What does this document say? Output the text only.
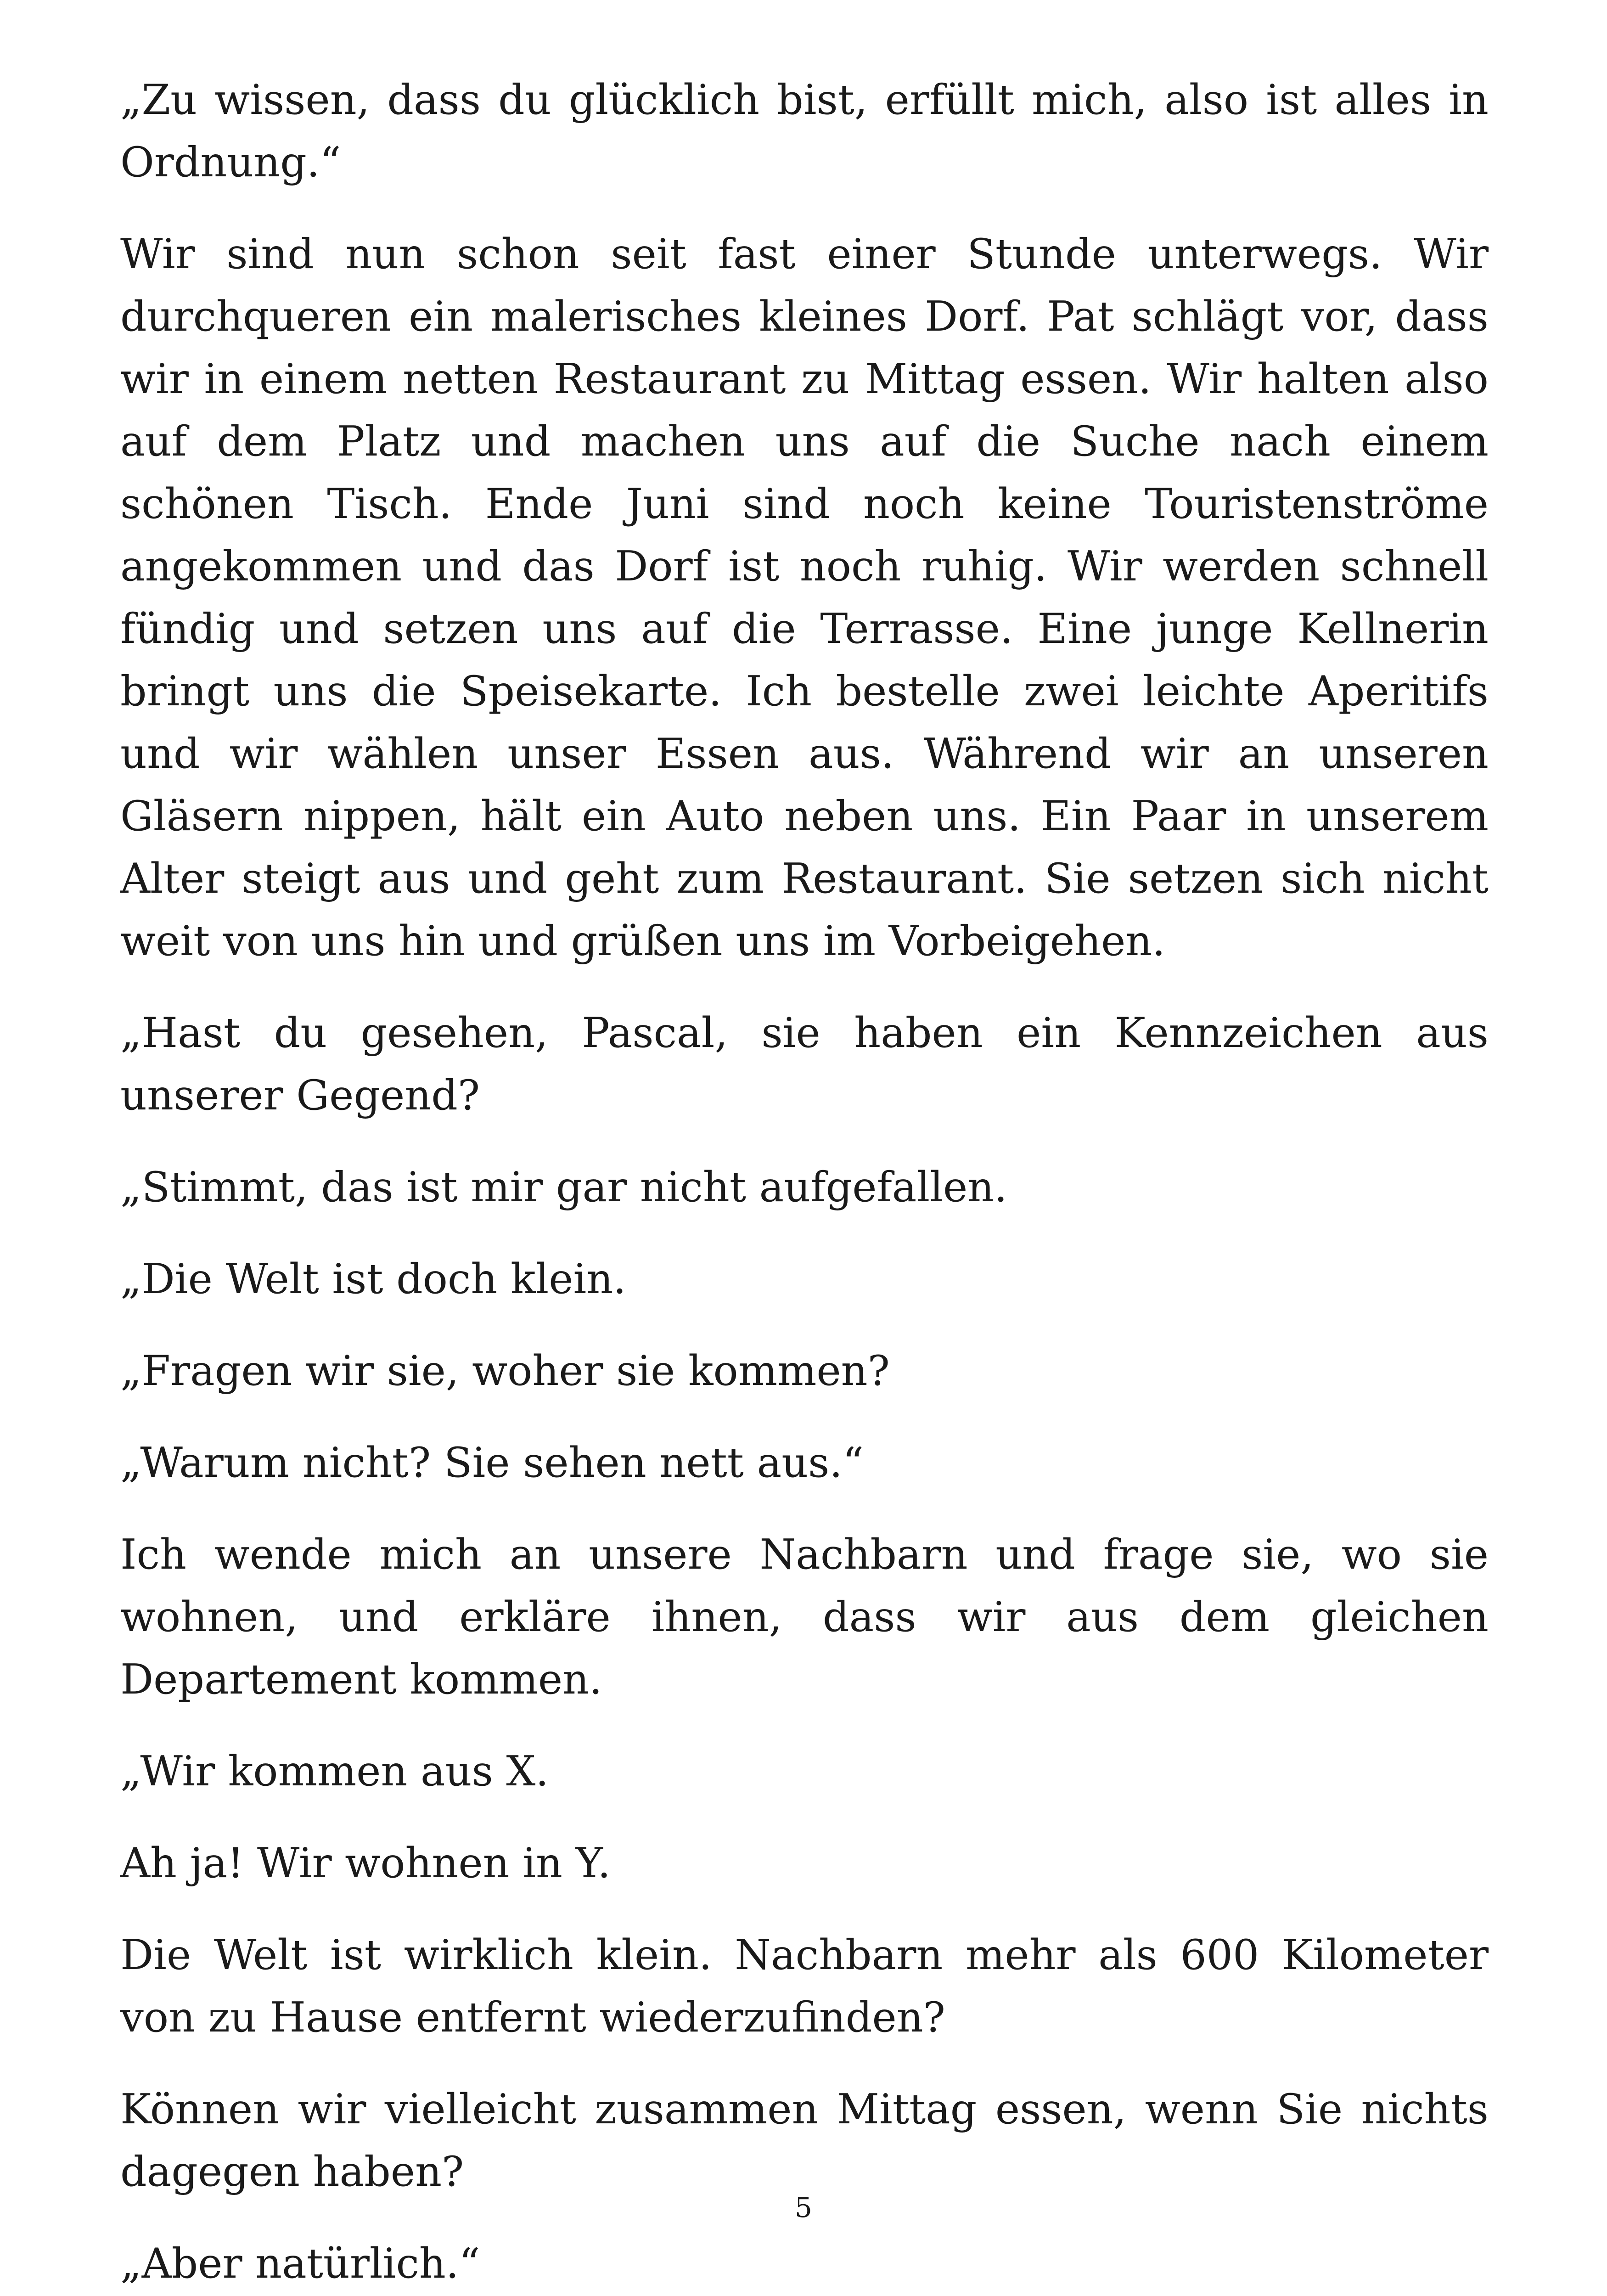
„Zu wissen, dass du glücklich bist, erfüllt mich, also ist alles in Ordnung.“

Wir sind nun schon seit fast einer Stunde unterwegs. Wir durchqueren ein malerisches kleines Dorf. Pat schlägt vor, dass wir in einem netten Restaurant zu Mittag essen. Wir halten also auf dem Platz und machen uns auf die Suche nach einem schönen Tisch. Ende Juni sind noch keine Touristenströme angekommen und das Dorf ist noch ruhig. Wir werden schnell fündig und setzen uns auf die Terrasse. Eine junge Kellnerin bringt uns die Speisekarte. Ich bestelle zwei leichte Aperitifs und wir wählen unser Essen aus. Während wir an unseren Gläsern nippen, hält ein Auto neben uns. Ein Paar in unserem Alter steigt aus und geht zum Restaurant. Sie setzen sich nicht weit von uns hin und grüßen uns im Vorbeigehen.

„Hast du gesehen, Pascal, sie haben ein Kennzeichen aus unserer Gegend?

„Stimmt, das ist mir gar nicht aufgefallen.

„Die Welt ist doch klein.

„Fragen wir sie, woher sie kommen?

„Warum nicht? Sie sehen nett aus.“

Ich wende mich an unsere Nachbarn und frage sie, wo sie wohnen, und erkläre ihnen, dass wir aus dem gleichen Departement kommen.

„Wir kommen aus X.

Ah ja! Wir wohnen in Y.

Die Welt ist wirklich klein. Nachbarn mehr als 600 Kilometer von zu Hause entfernt wiederzufinden?

Können wir vielleicht zusammen Mittag essen, wenn Sie nichts dagegen haben?

„Aber natürlich.“

5
